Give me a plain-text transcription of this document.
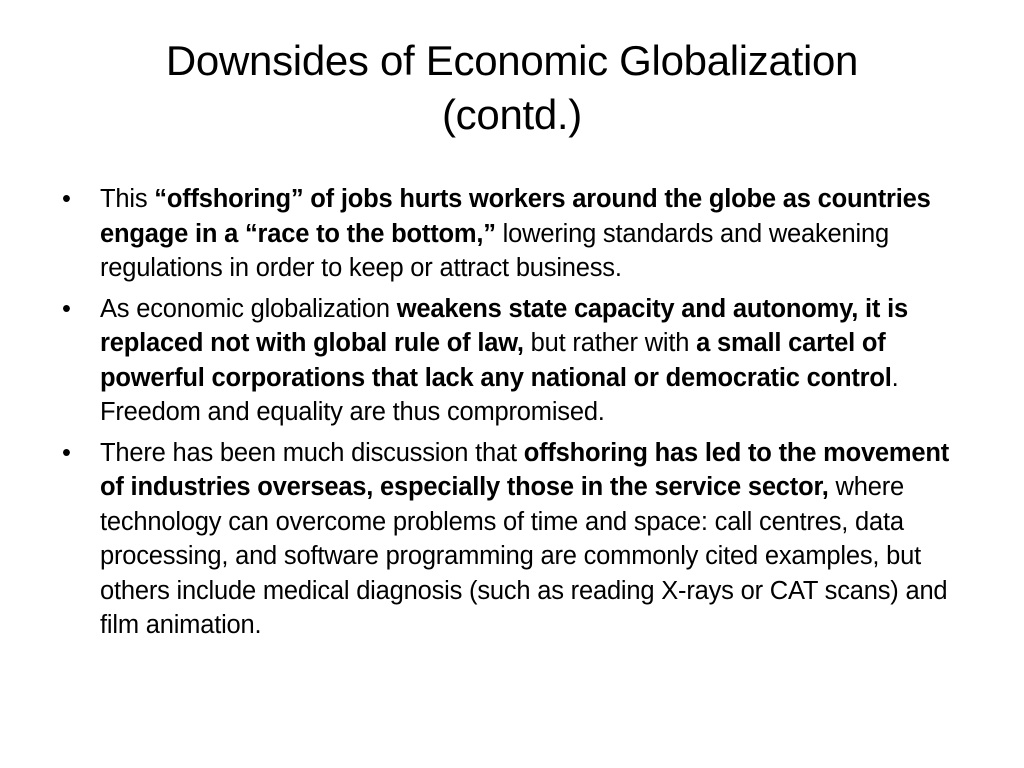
Downsides of Economic Globalization
(contd.)
•	This “offshoring” of jobs hurts workers around the globe as countries engage in a “race to the bottom,” lowering standards and weakening regulations in order to keep or attract business.
•	As economic globalization weakens state capacity and autonomy, it is replaced not with global rule of law, but rather with a small cartel of powerful corporations that lack any national or democratic control. Freedom and equality are thus compromised.
•	There has been much discussion that offshoring has led to the movement of industries overseas, especially those in the service sector, where technology can overcome problems of time and space: call centres, data processing, and software programming are commonly cited examples, but others include medical diagnosis (such as reading X-rays or CAT scans) and film animation.
